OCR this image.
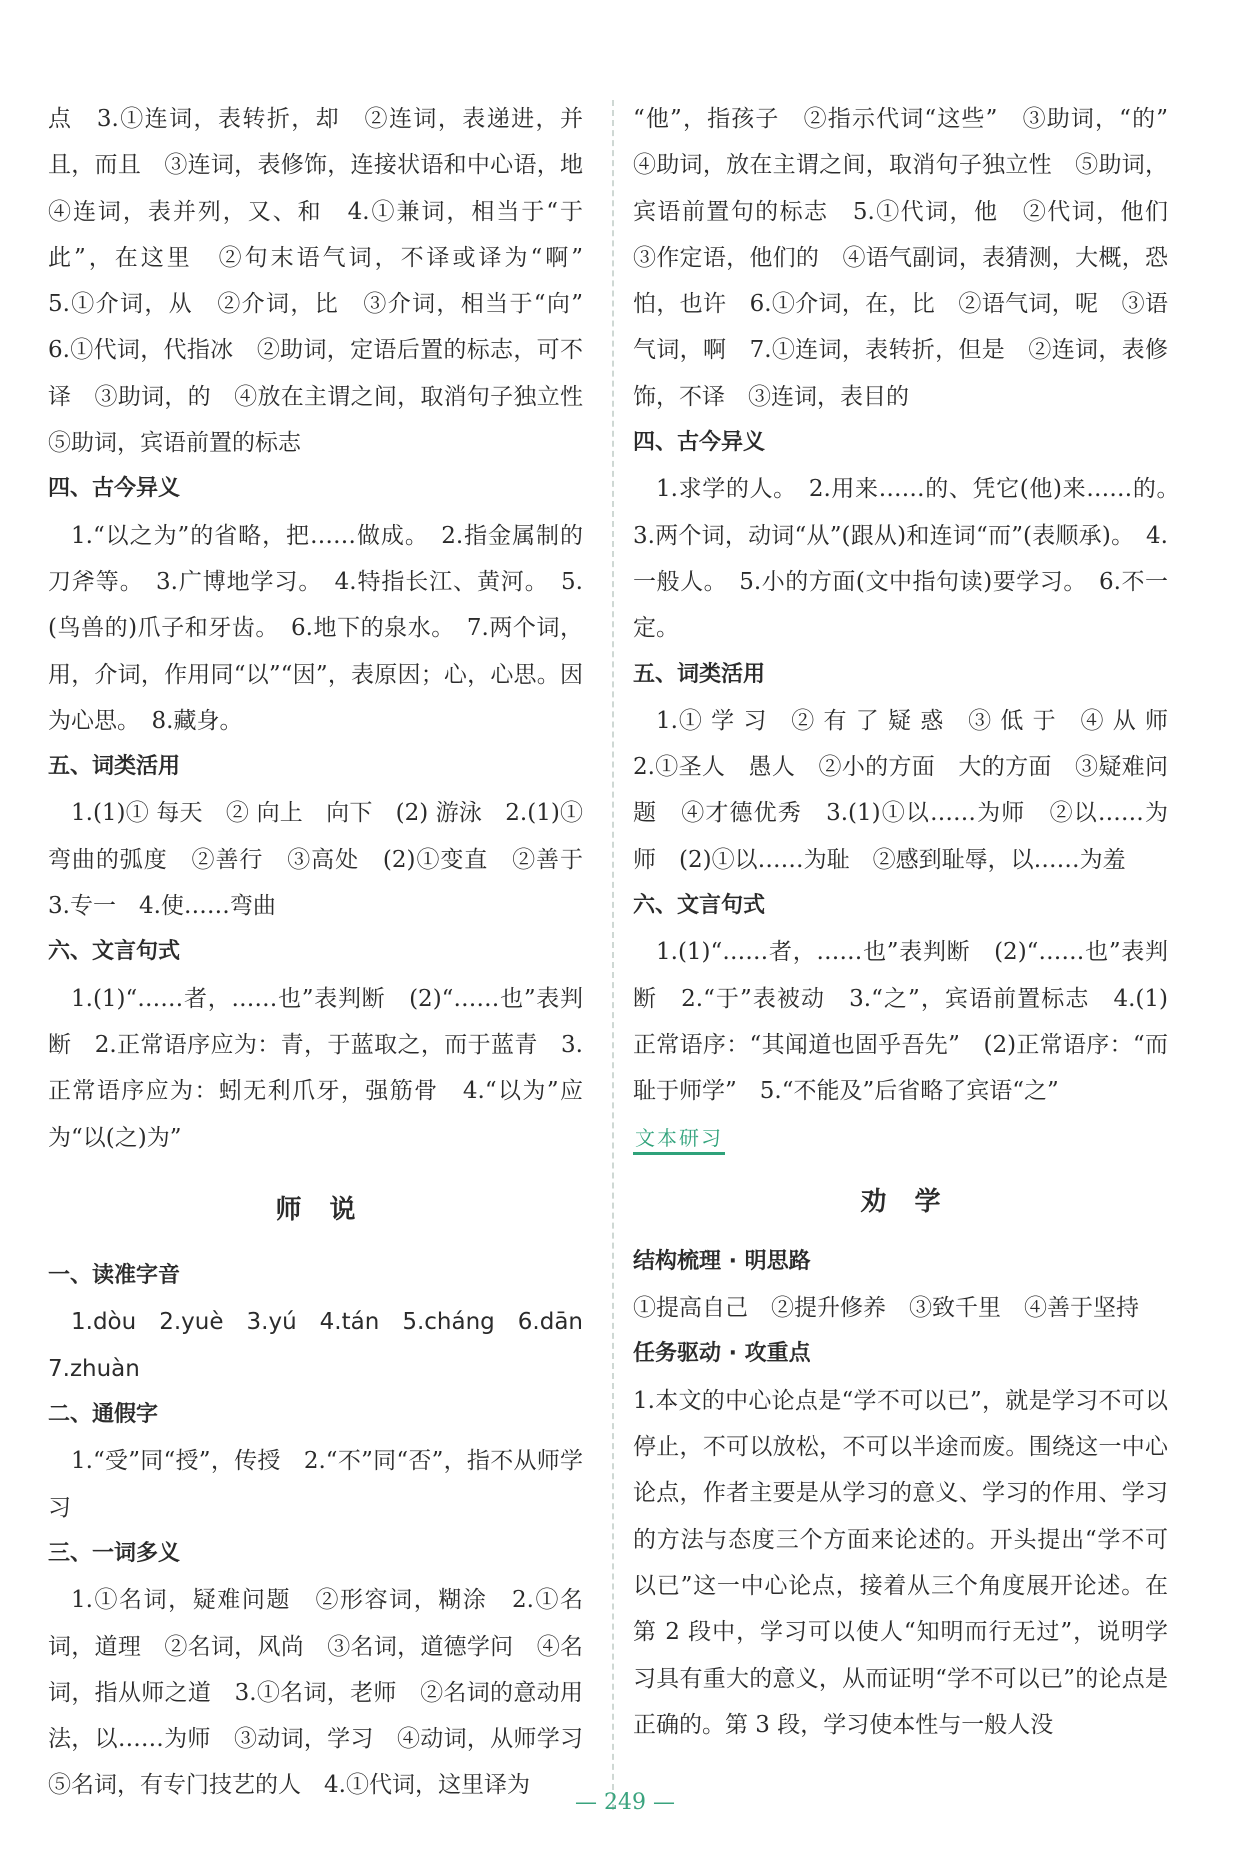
点　3.①连词，表转折，却　②连词，表递进，并且，而且　③连词，表修饰，连接状语和中心语，地　④连词，表并列，又、和　4.①兼词，相当于“于此”，在这里　②句末语气词，不译或译为“啊”　5.①介词，从　②介词，比　③介词，相当于“向”　6.①代词，代指冰　②助词，定语后置的标志，可不译　③助词，的　④放在主谓之间，取消句子独立性　⑤助词，宾语前置的标志

四、古今异义

1.“以之为”的省略，把……做成。　2.指金属制的刀斧等。　3.广博地学习。　4.特指长江、黄河。　5.(鸟兽的)爪子和牙齿。　6.地下的泉水。　7.两个词，用，介词，作用同“以”“因”，表原因；心，心思。因为心思。　8.藏身。

五、词类活用

1.(1)① 每天　② 向上　向下　(2) 游泳　2.(1)①弯曲的弧度　②善行　③高处　(2)①变直　②善于　3.专一　4.使……弯曲

六、文言句式

1.(1)“……者，……也”表判断　(2)“……也”表判断　2.正常语序应为：青，于蓝取之，而于蓝青　3.正常语序应为：蚓无利爪牙，强筋骨　4.“以为”应为“以(之)为”

师说

一、读准字音

1.dòu　2.yuè　3.yú　4.tán　5.cháng　6.dān　7.zhuàn

二、通假字

1.“受”同“授”，传授　2.“不”同“否”，指不从师学习

三、一词多义

1.①名词，疑难问题　②形容词，糊涂　2.①名词，道理　②名词，风尚　③名词，道德学问　④名词，指从师之道　3.①名词，老师　②名词的意动用法，以……为师　③动词，学习　④动词，从师学习　⑤名词，有专门技艺的人　4.①代词，这里译为

“他”，指孩子　②指示代词“这些”　③助词，“的”　④助词，放在主谓之间，取消句子独立性　⑤助词，宾语前置句的标志　5.①代词，他　②代词，他们　③作定语，他们的　④语气副词，表猜测，大概，恐怕，也许　6.①介词，在，比　②语气词，呢　③语气词，啊　7.①连词，表转折，但是　②连词，表修饰，不译　③连词，表目的

四、古今异义

1.求学的人。　2.用来……的、凭它(他)来……的。　3.两个词，动词“从”(跟从)和连词“而”(表顺承)。　4.一般人。　5.小的方面(文中指句读)要学习。　6.不一定。

五、词类活用

1.① 学 习　② 有 了 疑 惑　③ 低 于　④ 从 师　2.①圣人　愚人　②小的方面　大的方面　③疑难问题　④才德优秀　3.(1)①以……为师　②以……为师　(2)①以……为耻　②感到耻辱，以……为羞

六、文言句式

1.(1)“……者，……也”表判断　(2)“……也”表判断　2.“于”表被动　3.“之”，宾语前置标志　4.(1)正常语序：“其闻道也固乎吾先”　(2)正常语序：“而耻于师学”　5.“不能及”后省略了宾语“之”

文本研习

劝学

结构梳理 · 明思路

①提高自己　②提升修养　③致千里　④善于坚持

任务驱动 · 攻重点

1.本文的中心论点是“学不可以已”，就是学习不可以停止，不可以放松，不可以半途而废。围绕这一中心论点，作者主要是从学习的意义、学习的作用、学习的方法与态度三个方面来论述的。开头提出“学不可以已”这一中心论点，接着从三个角度展开论述。在第 2 段中，学习可以使人“知明而行无过”，说明学习具有重大的意义，从而证明“学不可以已”的论点是正确的。第 3 段，学习使本性与一般人没

— 249 —
